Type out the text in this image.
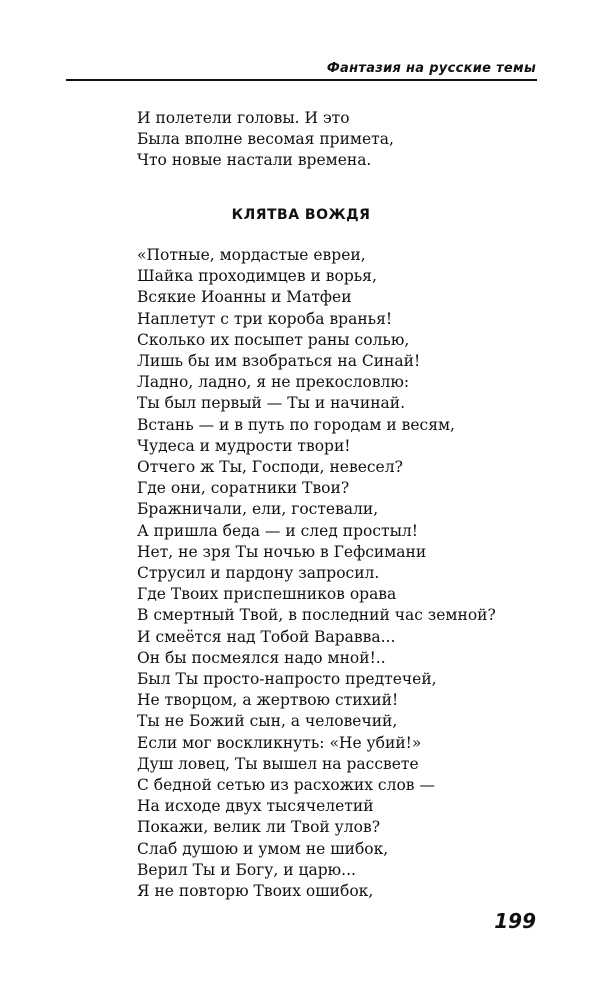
Фантазия на русские темы
И полетели головы. И это
Была вполне весомая примета,
Что новые настали времена.
КЛЯТВА ВОЖДЯ
«Потные, мордастые евреи,
Шайка проходимцев и ворья,
Всякие Иоанны и Матфеи
Наплетут с три короба вранья!
Сколько их посыпет раны солью,
Лишь бы им взобраться на Синай!
Ладно, ладно, я не прекословлю:
Ты был первый — Ты и начинай.
Встань — и в путь по городам и весям,
Чудеса и мудрости твори!
Отчего ж Ты, Господи, невесел?
Где они, соратники Твои?
Бражничали, ели, гостевали,
А пришла беда — и след простыл!
Нет, не зря Ты ночью в Гефсимани
Струсил и пардону запросил.
Где Твоих приспешников орава
В смертный Твой, в последний час земной?
И смеётся над Тобой Варавва...
Он бы посмеялся надо мной!..
Был Ты просто-напросто предтечей,
Не творцом, а жертвою стихий!
Ты не Божий сын, а человечий,
Если мог воскликнуть: «Не убий!»
Душ ловец, Ты вышел на рассвете
С бедной сетью из расхожих слов —
На исходе двух тысячелетий
Покажи, велик ли Твой улов?
Слаб душою и умом не шибок,
Верил Ты и Богу, и царю...
Я не повторю Твоих ошибок,
199
